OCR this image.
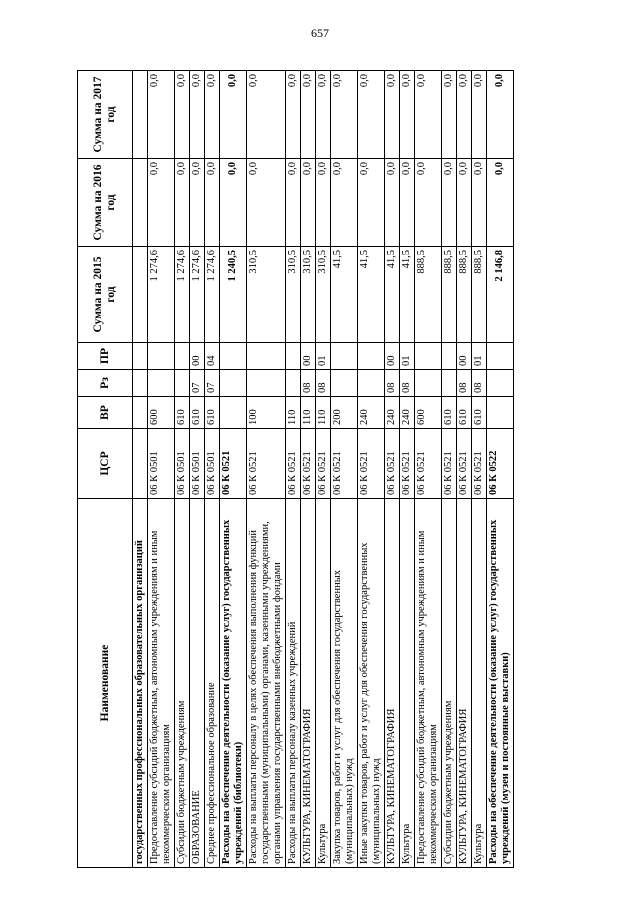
657
Наименование	ЦСР	ВР	Рз	ПР	Сумма на 2015 год	Сумма на 2016 год	Сумма на 2017 год
государственных профессиональных образовательных организаций							
Предоставление субсидий бюджетным, автономным учреждениям и иным некоммерческим организациям	06 К 0501	600			1 274,6	0,0	0,0
Субсидии бюджетным учреждениям	06 К 0501	610			1 274,6	0,0	0,0
ОБРАЗОВАНИЕ	06 К 0501	610	07	00	1 274,6	0,0	0,0
Среднее профессиональное образование	06 К 0501	610	07	04	1 274,6	0,0	0,0
Расходы на обеспечение деятельности (оказание услуг) государственных учреждений (библиотеки)	06 К 0521				1 240,5	0,0	0,0
Расходы на выплаты персоналу в целях обеспечения выполнения функций государственными (муниципальными) органами, казенными учреждениями, органами управления государственными внебюджетными фондами	06 К 0521	100			310,5	0,0	0,0
Расходы на выплаты персоналу казенных учреждений	06 К 0521	110			310,5	0,0	0,0
КУЛЬТУРА, КИНЕМАТОГРАФИЯ	06 К 0521	110	08	00	310,5	0,0	0,0
Культура	06 К 0521	110	08	01	310,5	0,0	0,0
Закупка товаров, работ и услуг для обеспечения государственных (муниципальных) нужд	06 К 0521	200			41,5	0,0	0,0
Иные закупки товаров, работ и услуг для обеспечения государственных (муниципальных) нужд	06 К 0521	240			41,5	0,0	0,0
КУЛЬТУРА, КИНЕМАТОГРАФИЯ	06 К 0521	240	08	00	41,5	0,0	0,0
Культура	06 К 0521	240	08	01	41,5	0,0	0,0
Предоставление субсидий бюджетным, автономным учреждениям и иным некоммерческим организациям	06 К 0521	600			888,5	0,0	0,0
Субсидии бюджетным учреждениям	06 К 0521	610			888,5	0,0	0,0
КУЛЬТУРА, КИНЕМАТОГРАФИЯ	06 К 0521	610	08	00	888,5	0,0	0,0
Культура	06 К 0521	610	08	01	888,5	0,0	0,0
Расходы на обеспечение деятельности (оказание услуг) государственных учреждений (музеи и постоянные выставки)	06 К 0522				2 146,8	0,0	0,0
